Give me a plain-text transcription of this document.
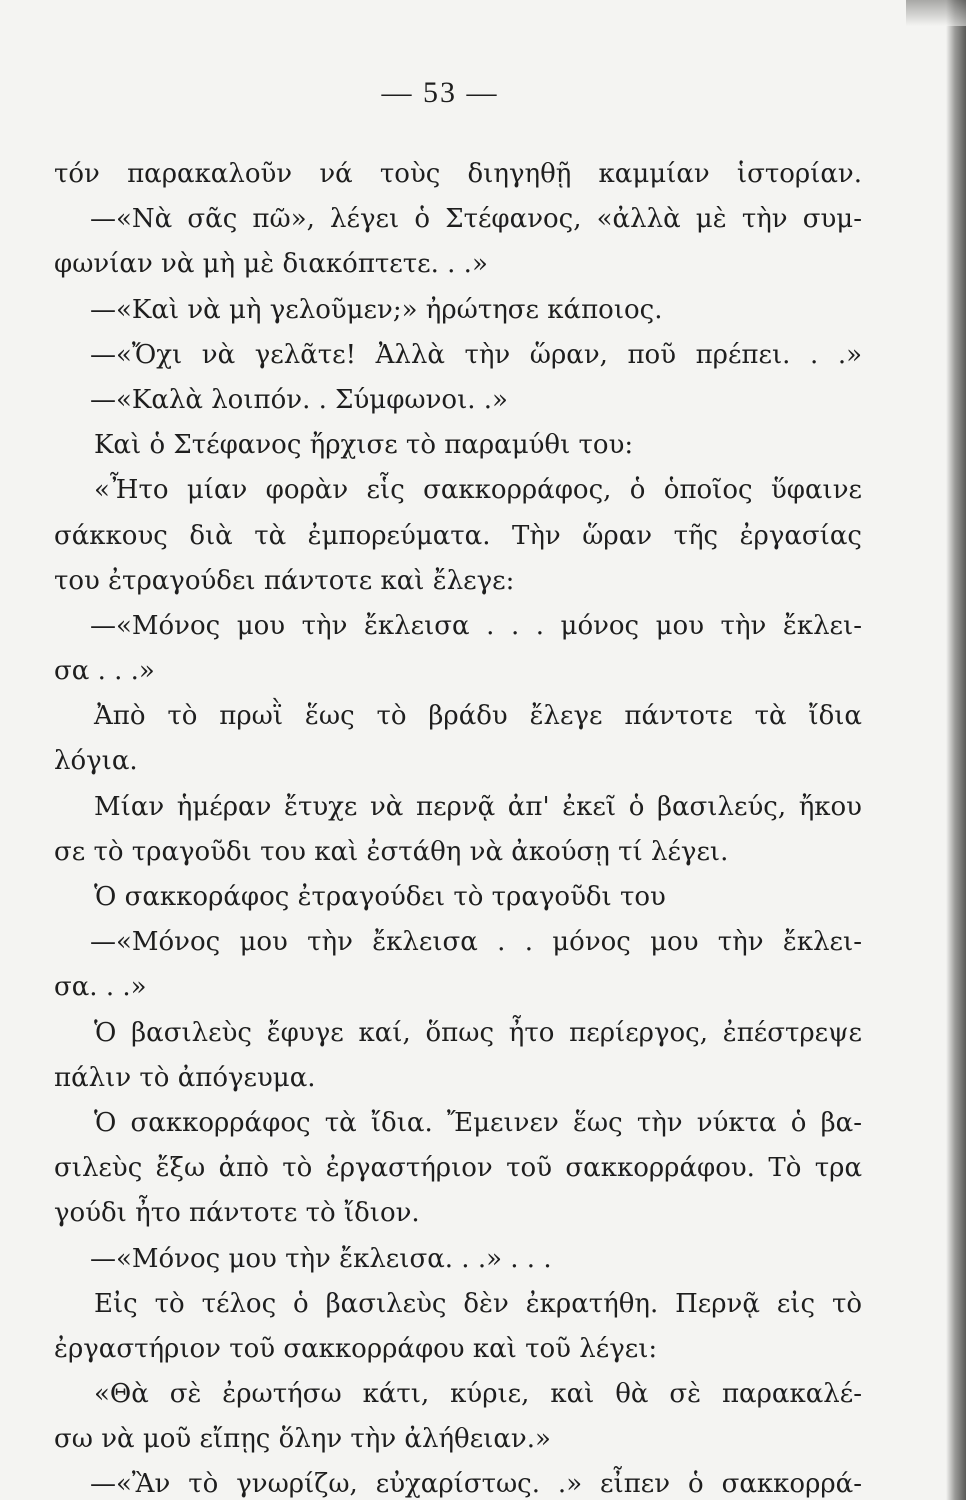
— 53 —
τόν παρακαλοῦν νά τοὺς διηγηθῇ καμμίαν ἱστορίαν.
—«Νὰ σᾶς πῶ», λέγει ὁ Στέφανος, «ἀλλὰ μὲ τὴν συμ-
φωνίαν νὰ μὴ μὲ διακόπτετε. . .»
—«Καὶ νὰ μὴ γελοῦμεν;» ἠρώτησε κάποιος.
—«Ὄχι νὰ γελᾶτε! Ἀλλὰ τὴν ὥραν, ποῦ πρέπει. . .»
—«Καλὰ λοιπόν. . Σύμφωνοι. .»
Καὶ ὁ Στέφανος ἤρχισε τὸ παραμύθι του:
«Ἦτο μίαν φορὰν εἷς σακκορράφος, ὁ ὁποῖος ὕφαινε
σάκκους διὰ τὰ ἐμπορεύματα. Τὴν ὥραν τῆς ἐργασίας
του ἐτραγούδει πάντοτε καὶ ἔλεγε:
—«Μόνος μου τὴν ἔκλεισα . . . μόνος μου τὴν ἔκλει-
σα . . .»
Ἀπὸ τὸ πρωῒ ἕως τὸ βράδυ ἔλεγε πάντοτε τὰ ἴδια
λόγια.
Μίαν ἡμέραν ἔτυχε νὰ περνᾷ ἀπ' ἐκεῖ ὁ βασιλεύς, ἤκου
σε τὸ τραγοῦδι του καὶ ἐστάθη νὰ ἀκούσῃ τί λέγει.
Ὁ σακκοράφος ἐτραγούδει τὸ τραγοῦδι του
—«Μόνος μου τὴν ἔκλεισα . . μόνος μου τὴν ἔκλει-
σα. . .»
Ὁ βασιλεὺς ἔφυγε καί, ὅπως ἦτο περίεργος, ἐπέστρεψε
πάλιν τὸ ἀπόγευμα.
Ὁ σακκορράφος τὰ ἴδια. Ἔμεινεν ἕως τὴν νύκτα ὁ βα-
σιλεὺς ἔξω ἀπὸ τὸ ἐργαστήριον τοῦ σακκορράφου. Τὸ τρα
γούδι ἦτο πάντοτε τὸ ἴδιον.
—«Μόνος μου τὴν ἔκλεισα. . .» . . .
Εἰς τὸ τέλος ὁ βασιλεὺς δὲν ἐκρατήθη. Περνᾷ εἰς τὸ
ἐργαστήριον τοῦ σακκορράφου καὶ τοῦ λέγει:
«Θὰ σὲ ἐρωτήσω κάτι, κύριε, καὶ θὰ σὲ παρακαλέ-
σω νὰ μοῦ εἴπῃς ὅλην τὴν ἀλήθειαν.»
—«Ἂν τὸ γνωρίζω, εὐχαρίστως. .» εἶπεν ὁ σακκορρά-
